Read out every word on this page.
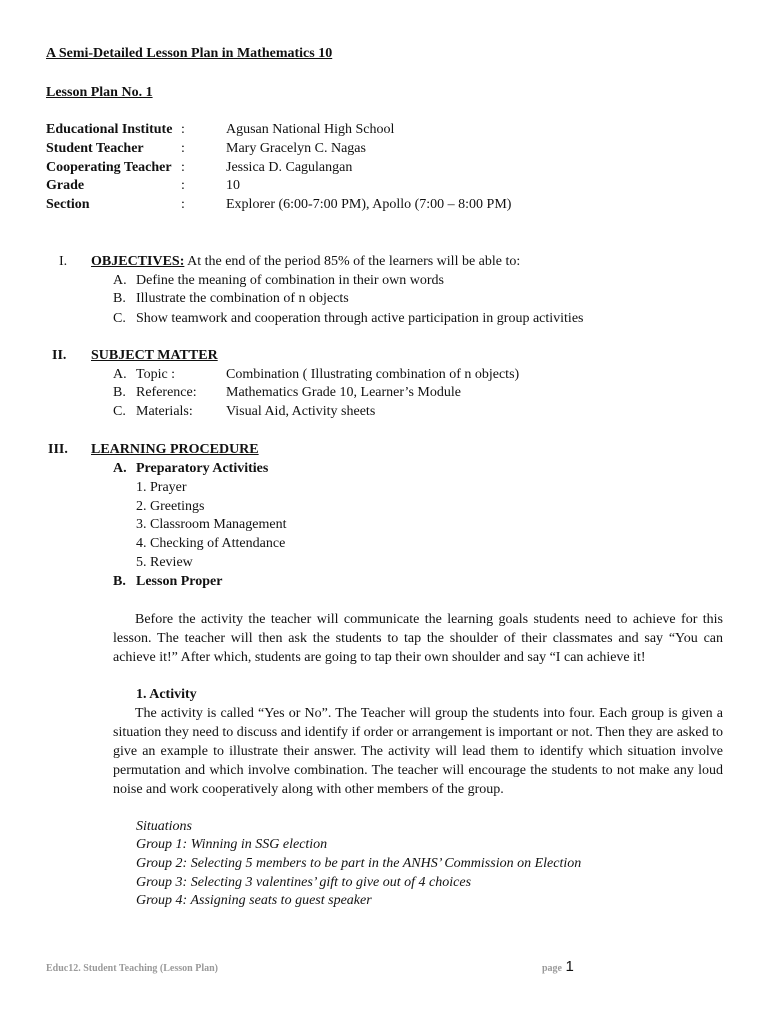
A Semi-Detailed Lesson Plan in Mathematics 10
Lesson Plan No. 1
Educational Institute :	Agusan National High School
Student Teacher	:	Mary Gracelyn C. Nagas
Cooperating Teacher :	Jessica D. Cagulangan
Grade	:	10
Section	:	Explorer (6:00-7:00 PM), Apollo (7:00 – 8:00 PM)
I. OBJECTIVES: At the end of the period 85% of the learners will be able to:
A. Define the meaning of combination in their own words
B. Illustrate the combination of n objects
C. Show teamwork and cooperation through active participation in group activities
II. SUBJECT MATTER
A. Topic :	Combination ( Illustrating combination of n objects)
B. Reference: Mathematics Grade 10, Learner’s Module
C. Materials: Visual Aid, Activity sheets
III. LEARNING PROCEDURE
A. Preparatory Activities
1. Prayer
2. Greetings
3. Classroom Management
4. Checking of Attendance
5. Review
B. Lesson Proper

Before the activity the teacher will communicate the learning goals students need to achieve for this lesson. The teacher will then ask the students to tap the shoulder of their classmates and say “You can achieve it!” After which, students are going to tap their own shoulder and say “I can achieve it!

1. Activity

The activity is called “Yes or No”. The Teacher will group the students into four. Each group is given a situation they need to discuss and identify if order or arrangement is important or not. Then they are asked to give an example to illustrate their answer. The activity will lead them to identify which situation involve permutation and which involve combination. The teacher will encourage the students to not make any loud noise and work cooperatively along with other members of the group.

Situations
Group 1: Winning in SSG election
Group 2: Selecting 5 members to be part in the ANHS’ Commission on Election
Group 3: Selecting 3 valentines’ gift to give out of 4 choices
Group 4: Assigning seats to guest speaker
Educ12. Student Teaching (Lesson Plan)	page 1
